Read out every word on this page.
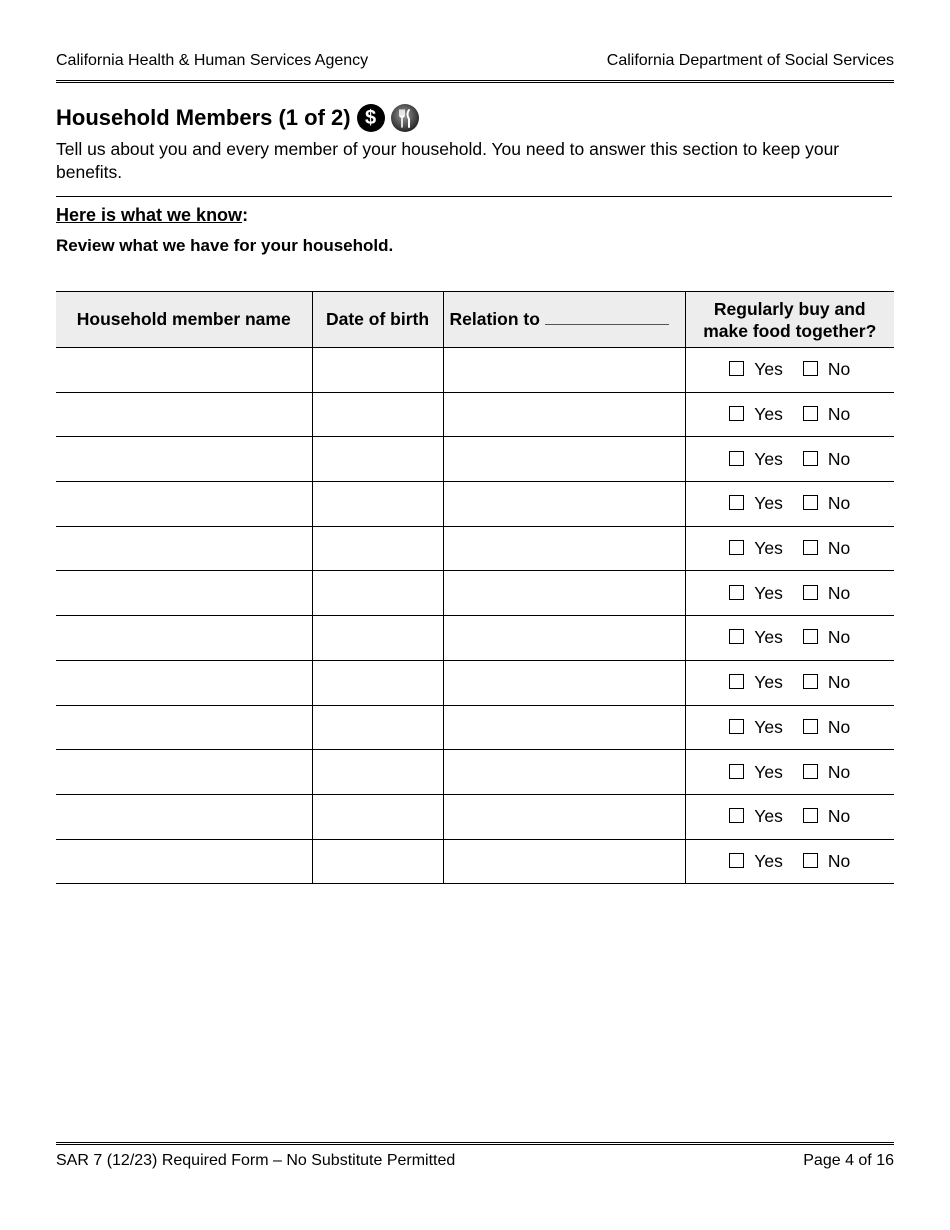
California Health & Human Services Agency	California Department of Social Services
Household Members (1 of 2) $
Tell us about you and every member of your household. You need to answer this section to keep your benefits.
Here is what we know:
Review what we have for your household.
Household member name	Date of birth	Relation to	Regularly buy and make food together?
			Yes No
			Yes No
			Yes No
			Yes No
			Yes No
			Yes No
			Yes No
			Yes No
			Yes No
			Yes No
			Yes No
			Yes No
SAR 7 (12/23) Required Form – No Substitute Permitted	Page 4 of 16
